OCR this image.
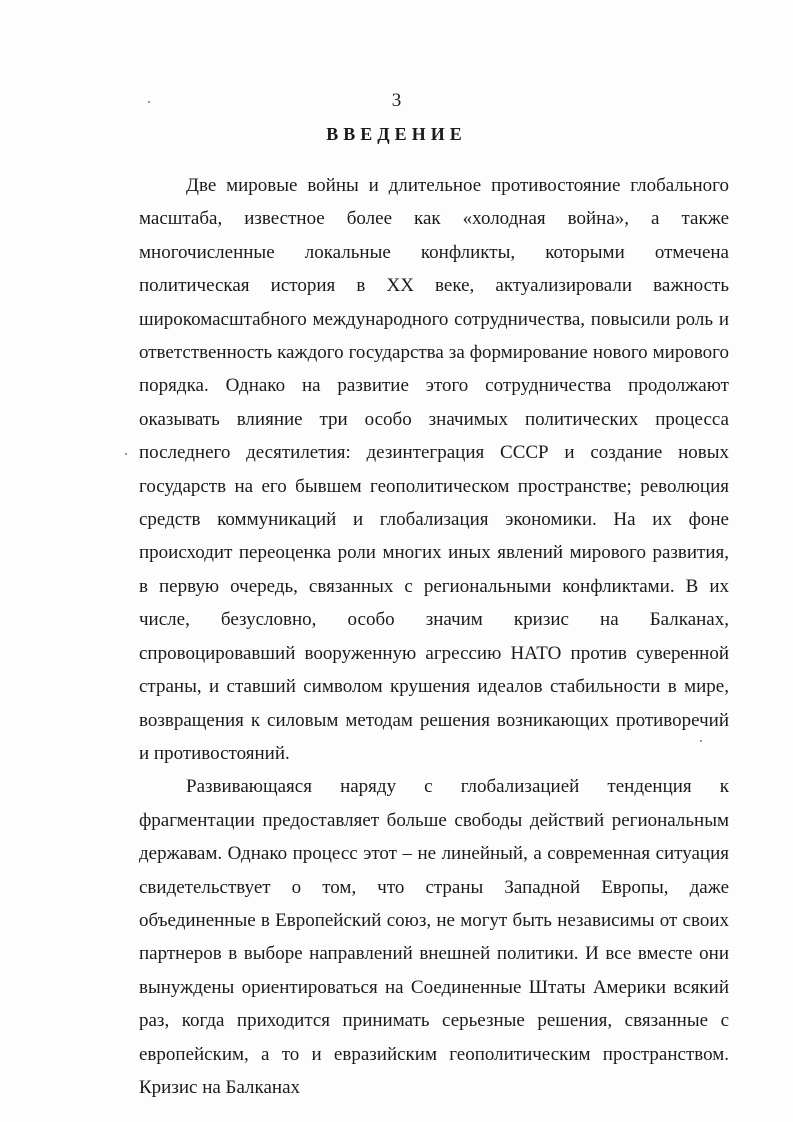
3
ВВЕДЕНИЕ

Две мировые войны и длительное противостояние глобального масштаба, известное более как «холодная война», а также многочисленные локальные конфликты, которыми отмечена политическая история в XX веке, актуализировали важность широкомасштабного международного сотрудничества, повысили роль и ответственность каждого государства за формирование нового мирового порядка. Однако на развитие этого сотрудничества продолжают оказывать влияние три особо значимых политических процесса последнего десятилетия: дезинтеграция СССР и создание новых государств на его бывшем геополитическом пространстве; революция средств коммуникаций и глобализация экономики. На их фоне происходит переоценка роли многих иных явлений мирового развития, в первую очередь, связанных с региональными конфликтами. В их числе, безусловно, особо значим кризис на Балканах, спровоцировавший вооруженную агрессию НАТО против суверенной страны, и ставший символом крушения идеалов стабильности в мире, возвращения к силовым методам решения возникающих противоречий и противостояний.

Развивающаяся наряду с глобализацией тенденция к фрагментации предоставляет больше свободы действий региональным державам. Однако процесс этот – не линейный, а современная ситуация свидетельствует о том, что страны Западной Европы, даже объединенные в Европейский союз, не могут быть независимы от своих партнеров в выборе направлений внешней политики. И все вместе они вынуждены ориентироваться на Соединенные Штаты Америки всякий раз, когда приходится принимать серьезные решения, связанные с европейским, а то и евразийским геополитическим пространством. Кризис на Балканах
